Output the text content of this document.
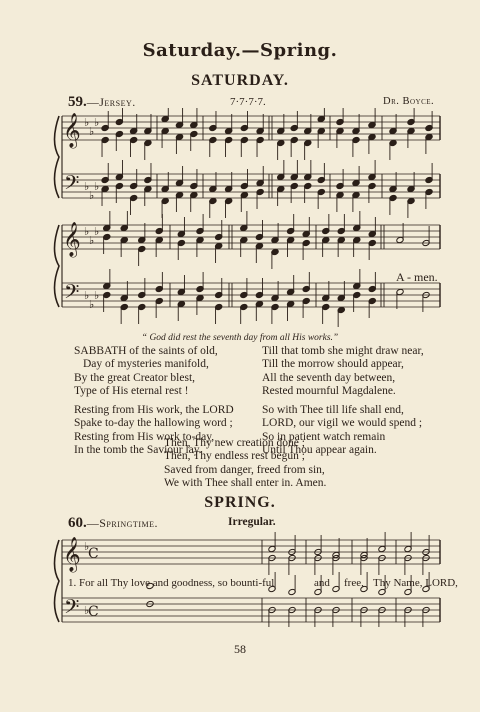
Saturday.—Spring.
SATURDAY.
59.—Jersey.	7·7·7·7.	Dr. Boyce.
𝄞
𝄢
♭
♭
♭
♭
♭
♭
𝄞
𝄢
♭
♭
♭
♭
♭
♭
A - men.
“ God did rest the seventh day from all His works.”
SABBATH of the saints of old,
Day of mysteries manifold,
By the great Creator blest,
Type of His eternal rest !
Resting from His work, the LORD
Spake to-day the hallowing word ;
Resting from His work to-day,
In the tomb the Saviour lay.
Till that tomb she might draw near,
Till the morrow should appear,
All the seventh day between,
Rested mournful Magdalene.
So with Thee till life shall end,
LORD, our vigil we would spend ;
So in patient watch remain
Until Thou appear again.
Then, Thy new creation done ;
Then, Thy endless rest begun ;
Saved from danger, freed from sin,
We with Thee shall enter in. Amen.
SPRING.
60.—Springtime.	Irregular.
𝄞
𝄢
♭
♭
C
C
1. For all Thy love and goodness, so bounti-ful	and free, Thy Name, LORD,
58
